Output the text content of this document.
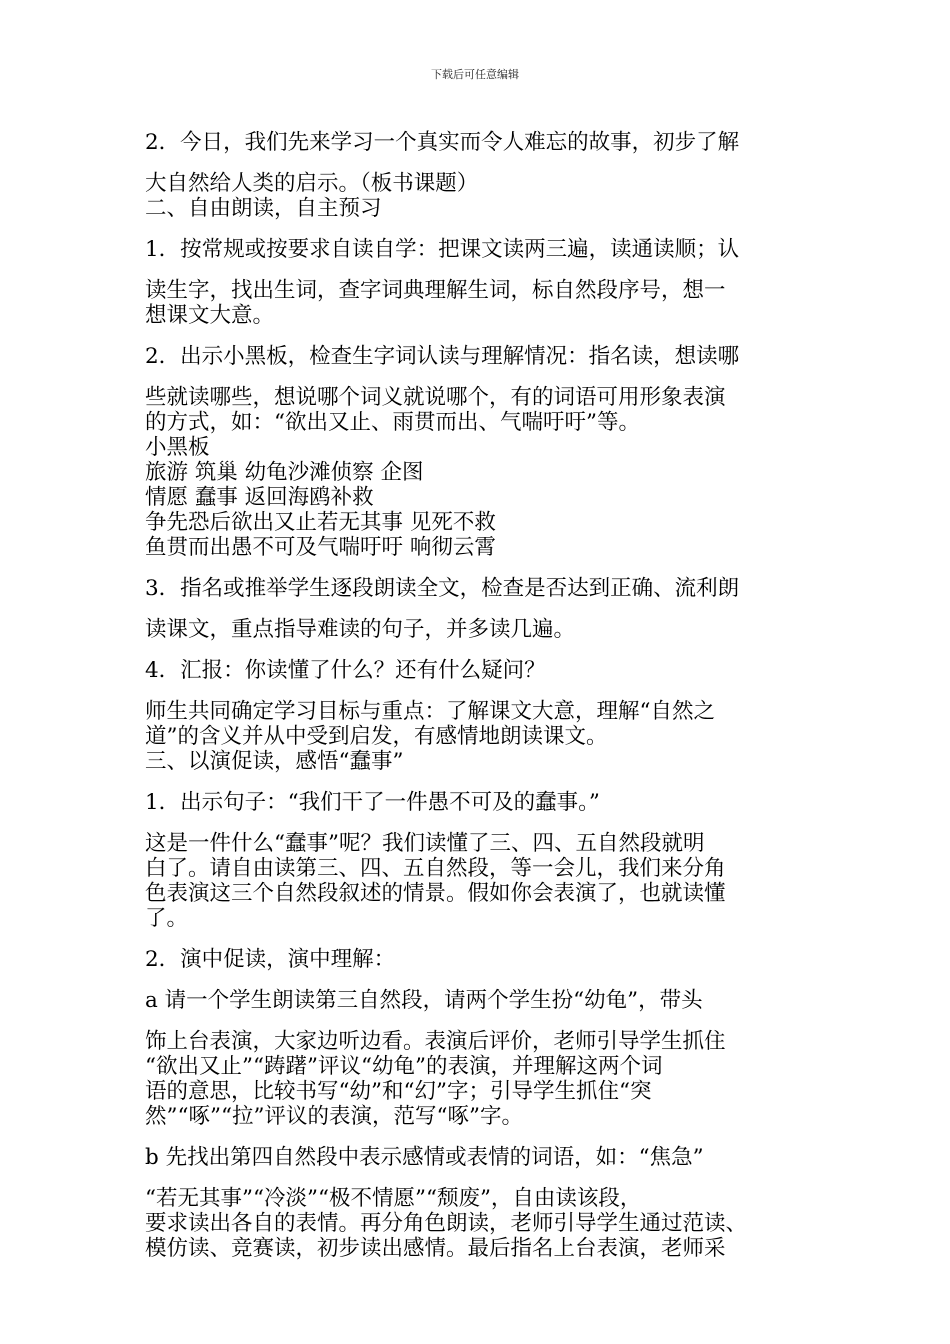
下载后可任意编辑
2．今日，我们先来学习一个真实而令人难忘的故事，初步了解
大自然给人类的启示。（板书课题）
二、自由朗读，自主预习
1．按常规或按要求自读自学：把课文读两三遍，读通读顺；认
读生字，找出生词，查字词典理解生词，标自然段序号，想一
想课文大意。
2．出示小黑板，检查生字词认读与理解情况：指名读，想读哪
些就读哪些，想说哪个词义就说哪个，有的词语可用形象表演
的方式，如：“欲出又止、雨贯而出、气喘吁吁”等。
小黑板
旅游 筑巢 幼龟沙滩侦察 企图
情愿 蠢事 返回海鸥补救
争先恐后欲出又止若无其事 见死不救
鱼贯而出愚不可及气喘吁吁 响彻云霄
3．指名或推举学生逐段朗读全文，检查是否达到正确、流利朗
读课文，重点指导难读的句子，并多读几遍。
4．汇报：你读懂了什么？还有什么疑问？
师生共同确定学习目标与重点：了解课文大意，理解“自然之
道”的含义并从中受到启发，有感情地朗读课文。
三、以演促读，感悟“蠢事”
1．出示句子：“我们干了一件愚不可及的蠢事。”
这是一件什么“蠢事”呢？我们读懂了三、四、五自然段就明
白了。请自由读第三、四、五自然段，等一会儿，我们来分角
色表演这三个自然段叙述的情景。假如你会表演了，也就读懂
了。
2．演中促读，演中理解：
a 请一个学生朗读第三自然段，请两个学生扮“幼龟”，带头
饰上台表演，大家边听边看。表演后评价，老师引导学生抓住
“欲出又止”“踌躇”评议“幼龟”的表演，并理解这两个词
语的意思，比较书写“幼”和“幻”字；引导学生抓住“突
然”“啄”“拉”评议的表演，范写“啄”字。
b 先找出第四自然段中表示感情或表情的词语，如：“焦急”
“若无其事”“冷淡”“极不情愿”“颓废”，自由读该段，
要求读出各自的表情。再分角色朗读，老师引导学生通过范读、
模仿读、竞赛读，初步读出感情。最后指名上台表演，老师采
